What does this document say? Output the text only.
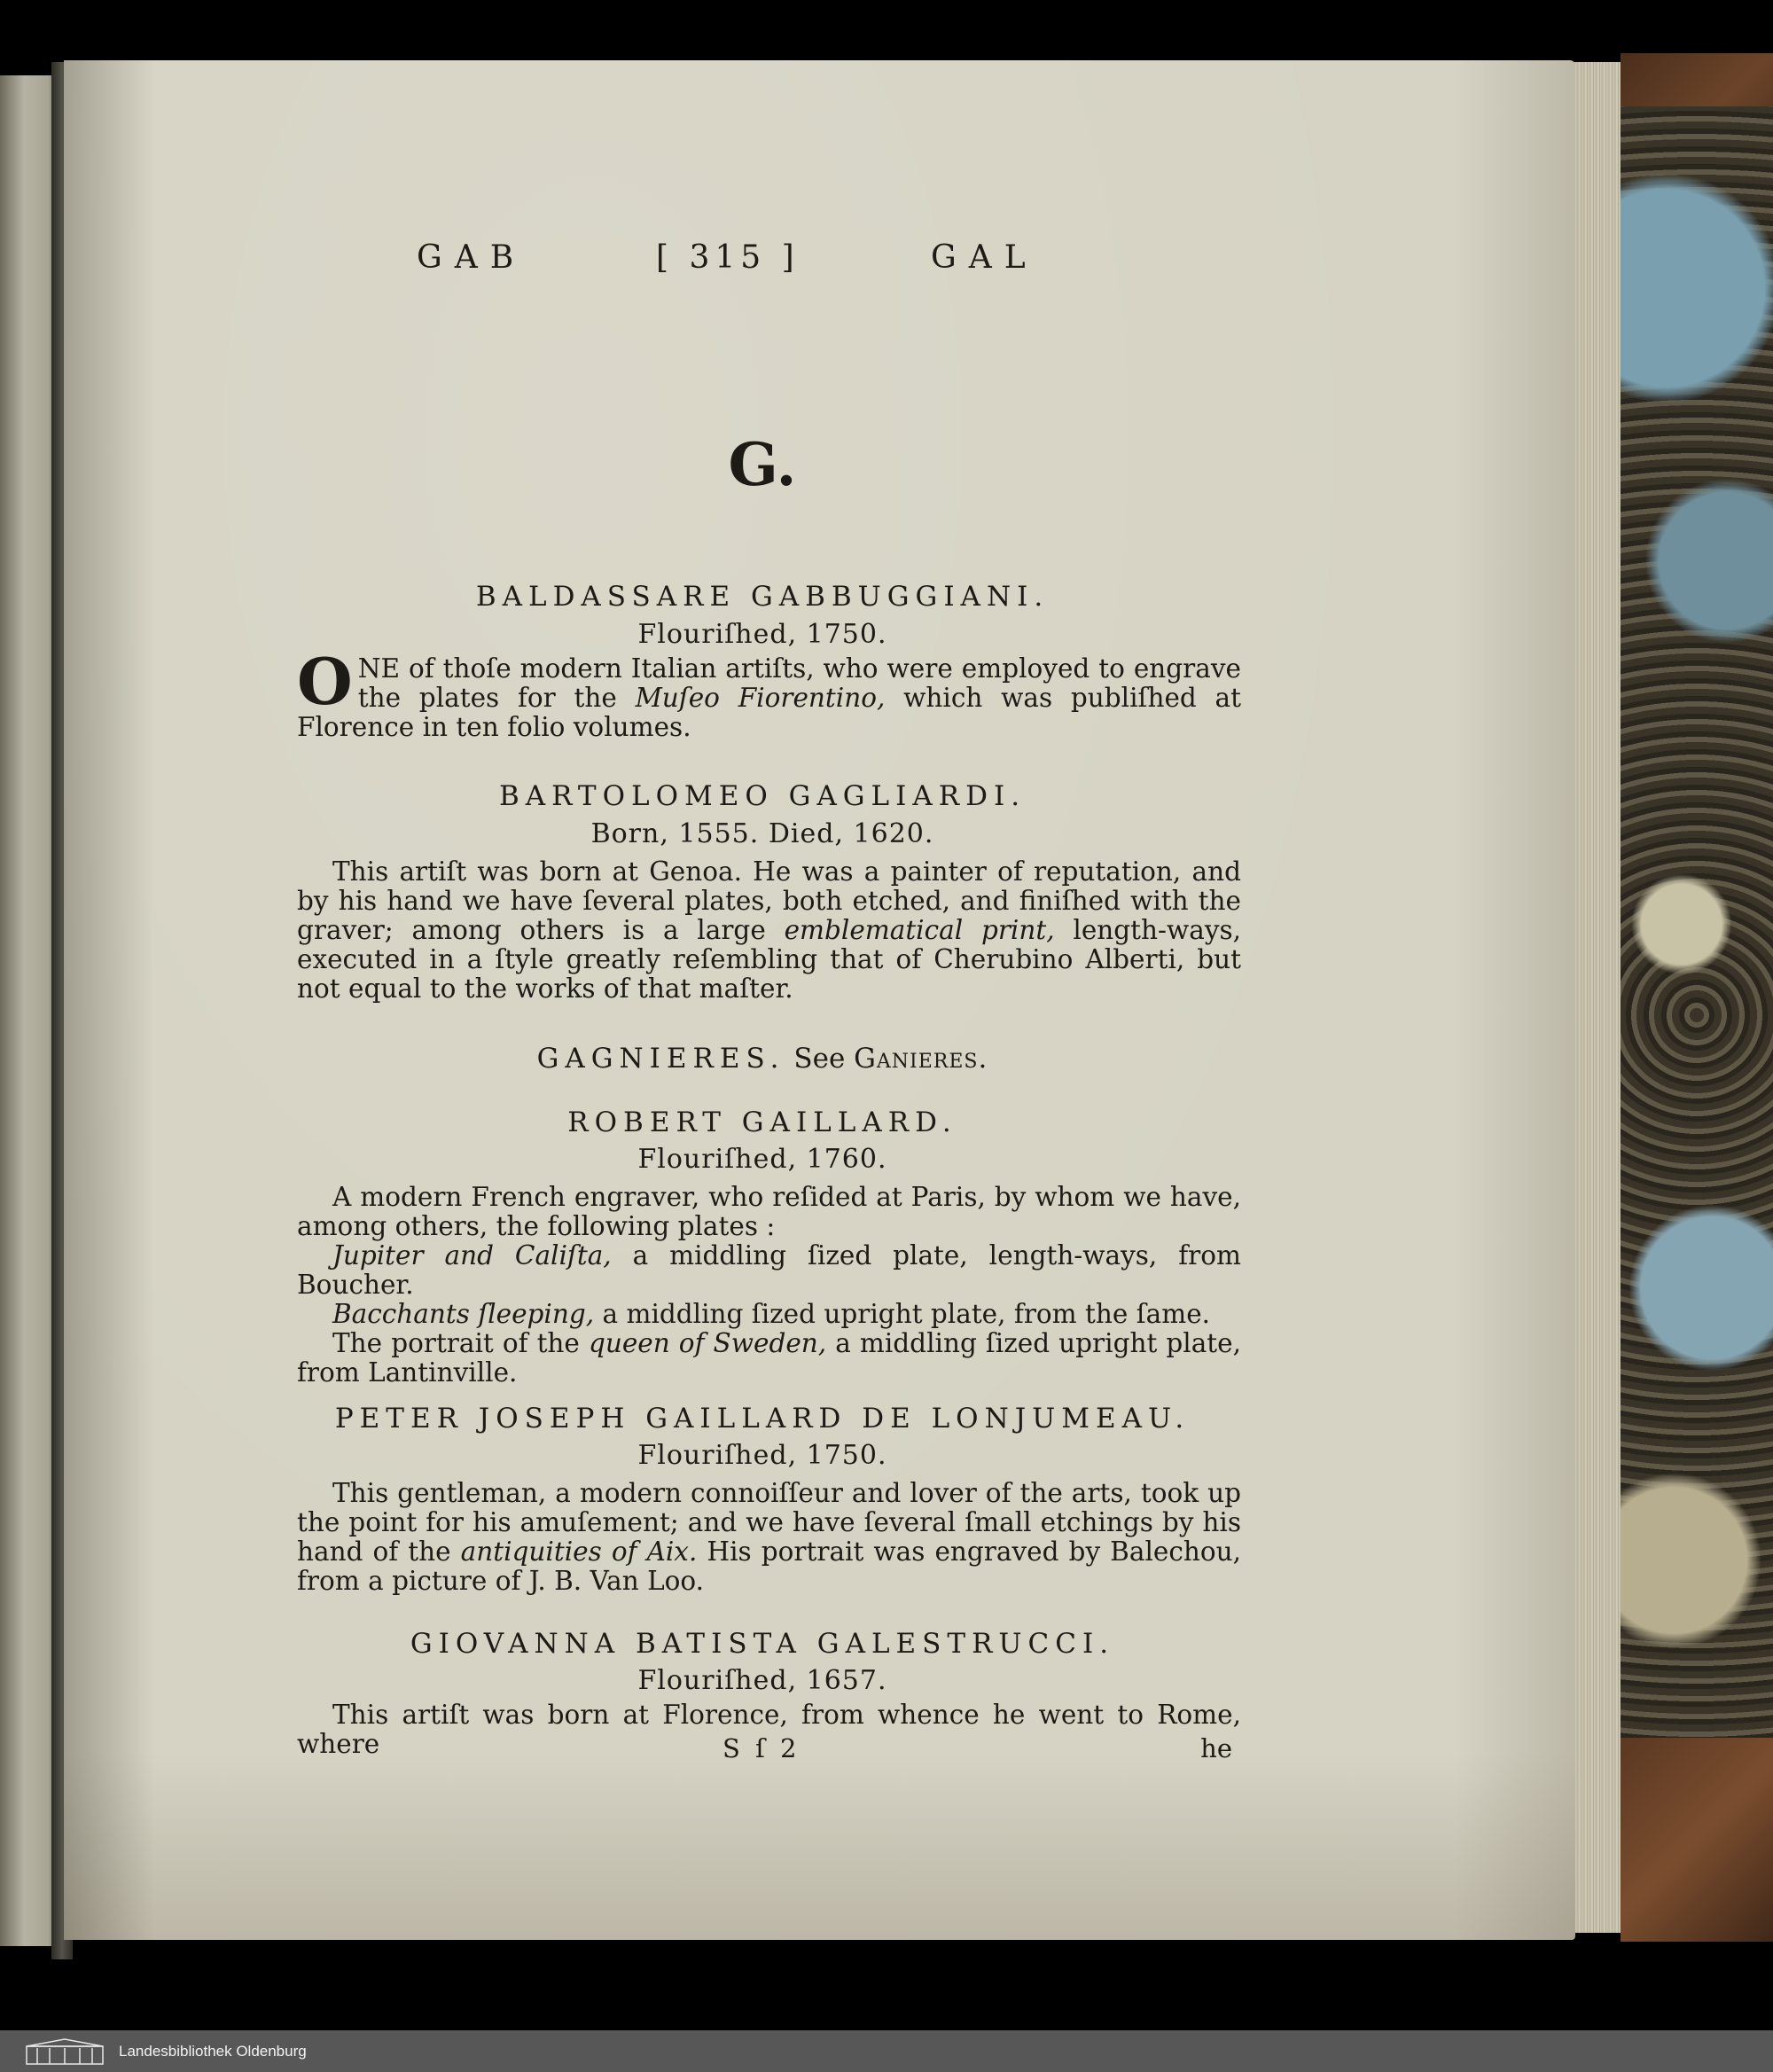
GAB	[ 315 ]	GAL
G.
BALDASSARE GABBUGGIANI.
Flouriſhed, 1750.

ONE of thoſe modern Italian artiſts, who were employed to engrave the plates for the Muſeo Fiorentino, which was publiſhed at Florence in ten folio volumes.

BARTOLOMEO GAGLIARDI.
Born, 1555. Died, 1620.

This artiſt was born at Genoa. He was a painter of reputation, and by his hand we have ſeveral plates, both etched, and finiſhed with the graver; among others is a large emblematical print, length-ways, executed in a ſtyle greatly reſembling that of Cherubino Alberti, but not equal to the works of that maſter.

GAGNIERES. See Ganieres.
ROBERT GAILLARD.
Flouriſhed, 1760.

A modern French engraver, who reſided at Paris, by whom we have, among others, the following plates :

Jupiter and Caliſta, a middling ſized plate, length-ways, from Boucher.

Bacchants ſleeping, a middling ſized upright plate, from the ſame.

The portrait of the queen of Sweden, a middling ſized upright plate, from Lantinville.

PETER JOSEPH GAILLARD DE LONJUMEAU.
Flouriſhed, 1750.

This gentleman, a modern connoiſſeur and lover of the arts, took up the point for his amuſement; and we have ſeveral ſmall etchings by his hand of the antiquities of Aix. His portrait was engraved by Balechou, from a picture of J. B. Van Loo.

GIOVANNA BATISTA GALESTRUCCI.
Flouriſhed, 1657.

This artiſt was born at Florence, from whence he went to Rome, where	S ſ 2	he
Landesbibliothek Oldenburg
